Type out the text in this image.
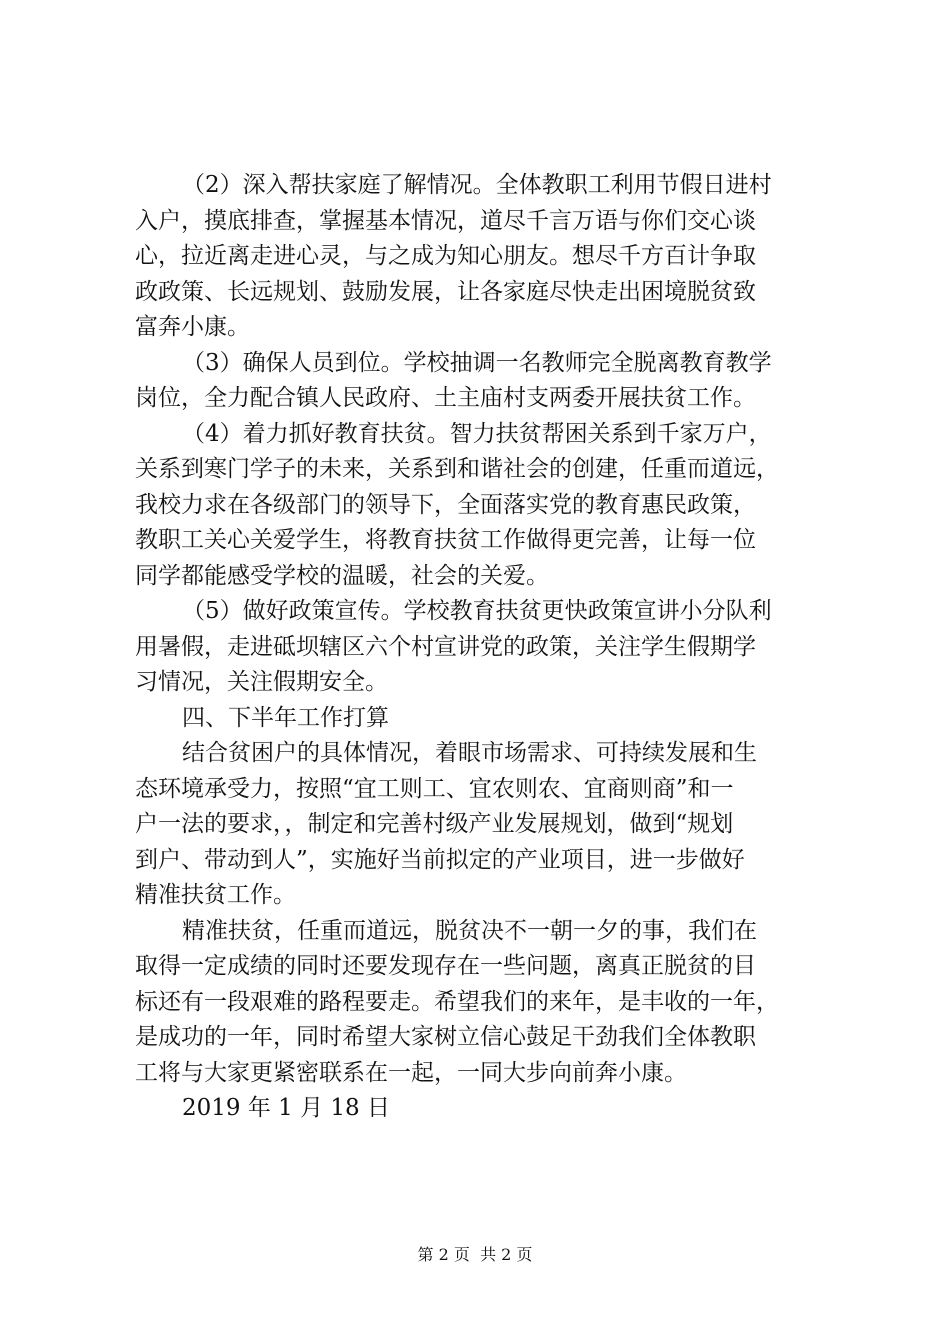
（2）深入帮扶家庭了解情况。全体教职工利用节假日进村
入户，摸底排查，掌握基本情况，道尽千言万语与你们交心谈
心，拉近离走进心灵，与之成为知心朋友。想尽千方百计争取
政政策、长远规划、鼓励发展，让各家庭尽快走出困境脱贫致
富奔小康。
（3）确保人员到位。学校抽调一名教师完全脱离教育教学
岗位，全力配合镇人民政府、土主庙村支两委开展扶贫工作。
（4）着力抓好教育扶贫。智力扶贫帮困关系到千家万户，
关系到寒门学子的未来，关系到和谐社会的创建，任重而道远，
我校力求在各级部门的领导下，全面落实党的教育惠民政策，
教职工关心关爱学生，将教育扶贫工作做得更完善，让每一位
同学都能感受学校的温暖，社会的关爱。
（5）做好政策宣传。学校教育扶贫更快政策宣讲小分队利
用暑假，走进砥坝辖区六个村宣讲党的政策，关注学生假期学
习情况，关注假期安全。
四、下半年工作打算
结合贫困户的具体情况，着眼市场需求、可持续发展和生
态环境承受力，按照“宜工则工、宜农则农、宜商则商”和一
户一法的要求，，制定和完善村级产业发展规划，做到“规划
到户、带动到人”，实施好当前拟定的产业项目，进一步做好
精准扶贫工作。
精准扶贫，任重而道远，脱贫决不一朝一夕的事，我们在
取得一定成绩的同时还要发现存在一些问题，离真正脱贫的目
标还有一段艰难的路程要走。希望我们的来年，是丰收的一年，
是成功的一年，同时希望大家树立信心鼓足干劲我们全体教职
工将与大家更紧密联系在一起，一同大步向前奔小康。
2019 年 1 月 18 日
第 2 页  共 2 页
